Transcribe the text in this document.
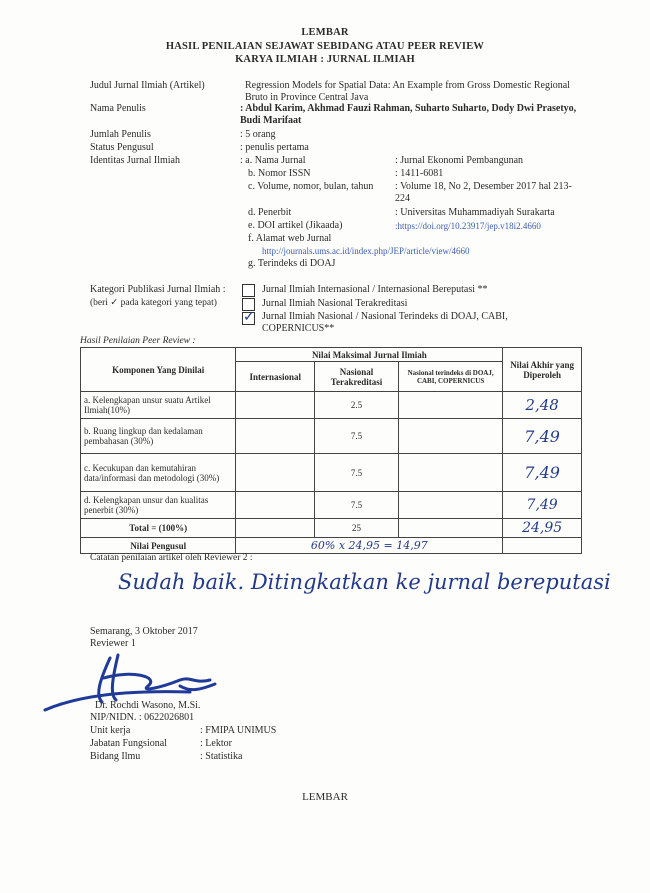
LEMBAR
HASIL PENILAIAN SEJAWAT SEBIDANG ATAU PEER REVIEW
KARYA ILMIAH : JURNAL ILMIAH
Judul Jurnal Ilmiah (Artikel)	Regression Models for Spatial Data: An Example from Gross Domestic Regional Bruto in Province Central Java
Nama Penulis	: Abdul Karim, Akhmad Fauzi Rahman, Suharto Suharto, Dody Dwi Prasetyo, Budi Marifaat
Jumlah Penulis	: 5 orang
Status Pengusul	: penulis pertama
Identitas Jurnal Ilmiah	: a. Nama Jurnal	: Jurnal Ekonomi Pembangunan
b. Nomor ISSN	: 1411-6081
c. Volume, nomor, bulan, tahun : Volume 18, No 2, Desember 2017 hal 213-224
d. Penerbit	: Universitas Muhammadiyah Surakarta
e. DOI artikel (Jikaada)	:https://doi.org/10.23917/jep.v18i2.4660
f. Alamat web Jurnal
http://journals.ums.ac.id/index.php/JEP/article/view/4660
g. Terindeks di DOAJ
Kategori Publikasi Jurnal Ilmiah :
(beri ✓ pada kategori yang tepat)
Jurnal Ilmiah Internasional / Internasional Bereputasi **
Jurnal Ilmiah Nasional Terakreditasi
Jurnal Ilmiah Nasional / Nasional Terindeks di DOAJ, CABI,
COPERNICUS**
✓
Hasil Penilaian Peer Review :
Komponen Yang Dinilai	Nilai Maksimal Jurnal Ilmiah			Nilai Akhir yang Diperoleh
	Internasional	Nasional Terakreditasi	Nasional terindeks di DOAJ, CABI, COPERNICUS	
a. Kelengkapan unsur suatu Artikel Ilmiah(10%)		2.5		2,48
b. Ruang lingkup dan kedalaman pembahasan (30%)		7.5		7,49
c. Kecukupan dan kemutahiran data/informasi dan metodologi (30%)		7.5		7,49
d. Kelengkapan unsur dan kualitas penerbit (30%)		7.5		7,49
Total = (100%)		25		24,95
Nilai Pengusul	60% x 24,95 = 14,97			
Catatan penilaian artikel oleh Reviewer 2 :
Sudah baik. Ditingkatkan ke jurnal bereputasi
Semarang, 3 Oktober 2017
Reviewer 1
Dr. Rochdi Wasono, M.Si.
NIP/NIDN. : 0622026801
Unit kerja	: FMIPA UNIMUS
Jabatan Fungsional	: Lektor
Bidang Ilmu	: Statistika
LEMBAR
